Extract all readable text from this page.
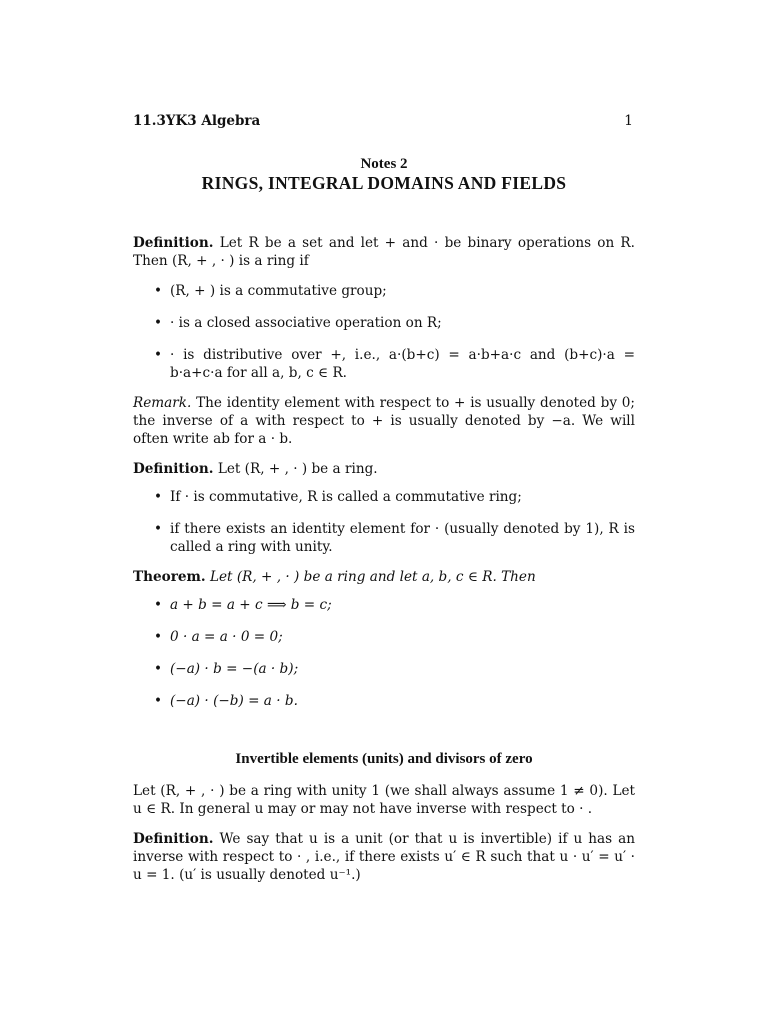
11.3YK3 Algebra	1
Notes 2
RINGS, INTEGRAL DOMAINS AND FIELDS

Definition. Let R be a set and let + and · be binary operations on R. Then (R, + , · ) is a ring if

• (R, + ) is a commutative group;
• · is a closed associative operation on R;
• · is distributive over +, i.e., a·(b+c) = a·b+a·c and (b+c)·a = b·a+c·a for all a, b, c ∈ R.

Remark. The identity element with respect to + is usually denoted by 0; the inverse of a with respect to + is usually denoted by −a. We will often write ab for a · b.

Definition. Let (R, + , · ) be a ring.

• If · is commutative, R is called a commutative ring;
• if there exists an identity element for · (usually denoted by 1), R is called a ring with unity.

Theorem. Let (R, + , · ) be a ring and let a, b, c ∈ R. Then

• a + b = a + c ⟹ b = c;
• 0 · a = a · 0 = 0;
• (−a) · b = −(a · b);
• (−a) · (−b) = a · b.
Invertible elements (units) and divisors of zero

Let (R, + , · ) be a ring with unity 1 (we shall always assume 1 ≠ 0). Let u ∈ R. In general u may or may not have inverse with respect to · .

Definition. We say that u is a unit (or that u is invertible) if u has an inverse with respect to · , i.e., if there exists u′ ∈ R such that u · u′ = u′ · u = 1. (u′ is usually denoted u⁻¹.)
